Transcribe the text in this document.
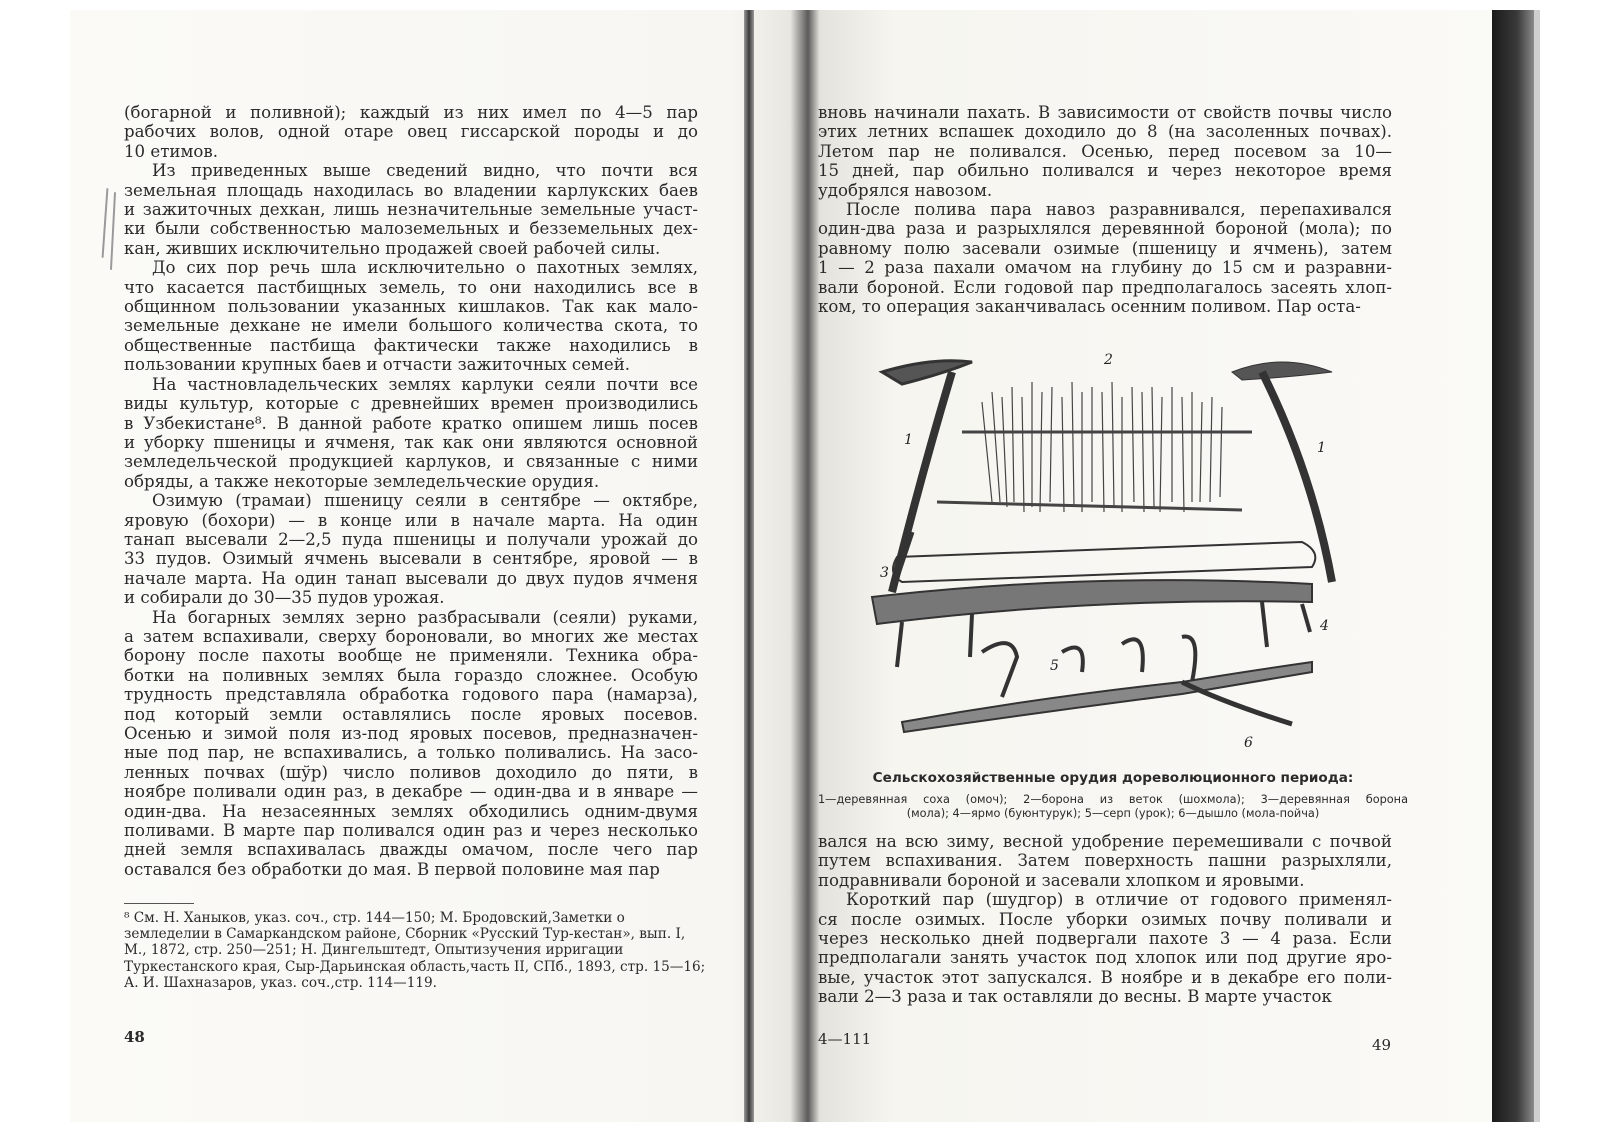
(богарной и поливной); каждый из них имел по 4—5 пар
рабочих волов, одной отаре овец гиссарской породы и до
10 етимов.
Из приведенных выше сведений видно, что почти вся
земельная площадь находилась во владении карлукских баев
и зажиточных дехкан, лишь незначительные земельные участ-
ки были собственностью малоземельных и безземельных дех-
кан, живших исключительно продажей своей рабочей силы.
До сих пор речь шла исключительно о пахотных землях,
что касается пастбищных земель, то они находились все в
общинном пользовании указанных кишлаков. Так как мало-
земельные дехкане не имели большого количества скота, то
общественные пастбища фактически также находились в
пользовании крупных баев и отчасти зажиточных семей.
На частновладельческих землях карлуки сеяли почти все
виды культур, которые с древнейших времен производились
в Узбекистане⁸. В данной работе кратко опишем лишь посев
и уборку пшеницы и ячменя, так как они являются основной
земледельческой продукцией карлуков, и связанные с ними
обряды, а также некоторые земледельческие орудия.
Озимую (трамаи) пшеницу сеяли в сентябре — октябре,
яровую (бохори) — в конце или в начале марта. На один
танап высевали 2—2,5 пуда пшеницы и получали урожай до
33 пудов. Озимый ячмень высевали в сентябре, яровой — в
начале марта. На один танап высевали до двух пудов ячменя
и собирали до 30—35 пудов урожая.
На богарных землях зерно разбрасывали (сеяли) руками,
а затем вспахивали, сверху бороновали, во многих же местах
борону после пахоты вообще не применяли. Техника обра-
ботки на поливных землях была гораздо сложнее. Особую
трудность представляла обработка годового пара (намарза),
под который земли оставлялись после яровых посевов.
Осенью и зимой поля из-под яровых посевов, предназначен-
ные под пар, не вспахивались, а только поливались. На засо-
ленных почвах (шўр) число поливов доходило до пяти, в
ноябре поливали один раз, в декабре — один-два и в январе —
один-два. На незасеянных землях обходились одним-двумя
поливами. В марте пар поливался один раз и через несколько
дней земля вспахивалась дважды омачом, после чего пар
оставался без обработки до мая. В первой половине мая пар
⁸ См. Н. Ханыков, указ. соч., стр. 144—150; М. Бродовский,Заметки о земледелии в Самаркандском районе, Сборник «Русский Тур-кестан», вып. I, М., 1872, стр. 250—251; Н. Дингельштедт, Опытизучения ирригации Туркестанского края, Сыр-Дарьинская область,часть II, СПб., 1893, стр. 15—16; А. И. Шахназаров, указ. соч.,стр. 114—119.
48
вновь начинали пахать. В зависимости от свойств почвы число
этих летних вспашек доходило до 8 (на засоленных почвах).
Летом пар не поливался. Осенью, перед посевом за 10—
15 дней, пар обильно поливался и через некоторое время
удобрялся навозом.
После полива пара навоз разравнивался, перепахивался
один-два раза и разрыхлялся деревянной бороной (мола); по
равному полю засевали озимые (пшеницу и ячмень), затем
1 — 2 раза пахали омачом на глубину до 15 см и разравни-
вали бороной. Если годовой пар предполагалось засеять хлоп-
ком, то операция заканчивалась осенним поливом. Пар оста-
2
1	1
3
4
5
6
Сельскохозяйственные орудия дореволюционного периода:
1—деревянная соха (омоч); 2—борона из веток (шохмола); 3—деревянная борона
(мола); 4—ярмо (буюнтурук); 5—серп (урок); 6—дышло (мола-пойча)
вался на всю зиму, весной удобрение перемешивали с почвой
путем вспахивания. Затем поверхность пашни разрыхляли,
подравнивали бороной и засевали хлопком и яровыми.
Короткий пар (шудгор) в отличие от годового применял-
ся после озимых. После уборки озимых почву поливали и
через несколько дней подвергали пахоте 3 — 4 раза. Если
предполагали занять участок под хлопок или под другие яро-
вые, участок этот запускался. В ноябре и в декабре его поли-
вали 2—3 раза и так оставляли до весны. В марте участок
4—111	49
